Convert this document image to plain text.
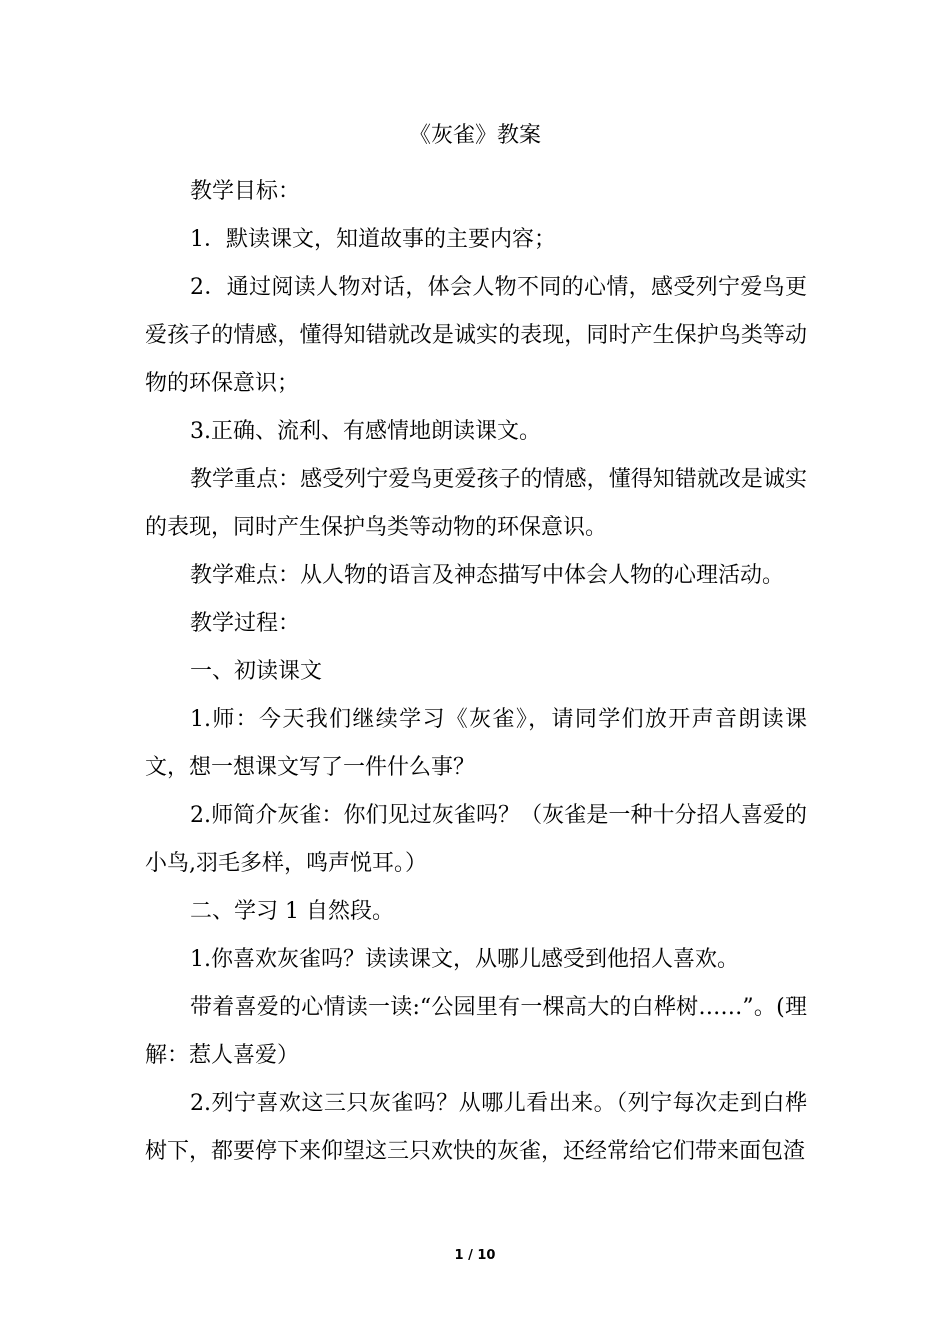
《灰雀》教案

教学目标：

1．默读课文，知道故事的主要内容；

2．通过阅读人物对话，体会人物不同的心情，感受列宁爱鸟更爱孩子的情感，懂得知错就改是诚实的表现，同时产生保护鸟类等动物的环保意识；

3.正确、流利、有感情地朗读课文。

教学重点：感受列宁爱鸟更爱孩子的情感，懂得知错就改是诚实的表现，同时产生保护鸟类等动物的环保意识。

教学难点：从人物的语言及神态描写中体会人物的心理活动。

教学过程：

一、初读课文

1.师：今天我们继续学习《灰雀》，请同学们放开声音朗读课文，想一想课文写了一件什么事？

2.师简介灰雀：你们见过灰雀吗？（灰雀是一种十分招人喜爱的小鸟,羽毛多样，鸣声悦耳。）

二、学习 1 自然段。

1.你喜欢灰雀吗？读读课文，从哪儿感受到他招人喜欢。

带着喜爱的心情读一读:“公园里有一棵高大的白桦树……”。(理解：惹人喜爱）

2.列宁喜欢这三只灰雀吗？从哪儿看出来。（列宁每次走到白桦树下，都要停下来仰望这三只欢快的灰雀，还经常给它们带来面包渣

1 / 10
